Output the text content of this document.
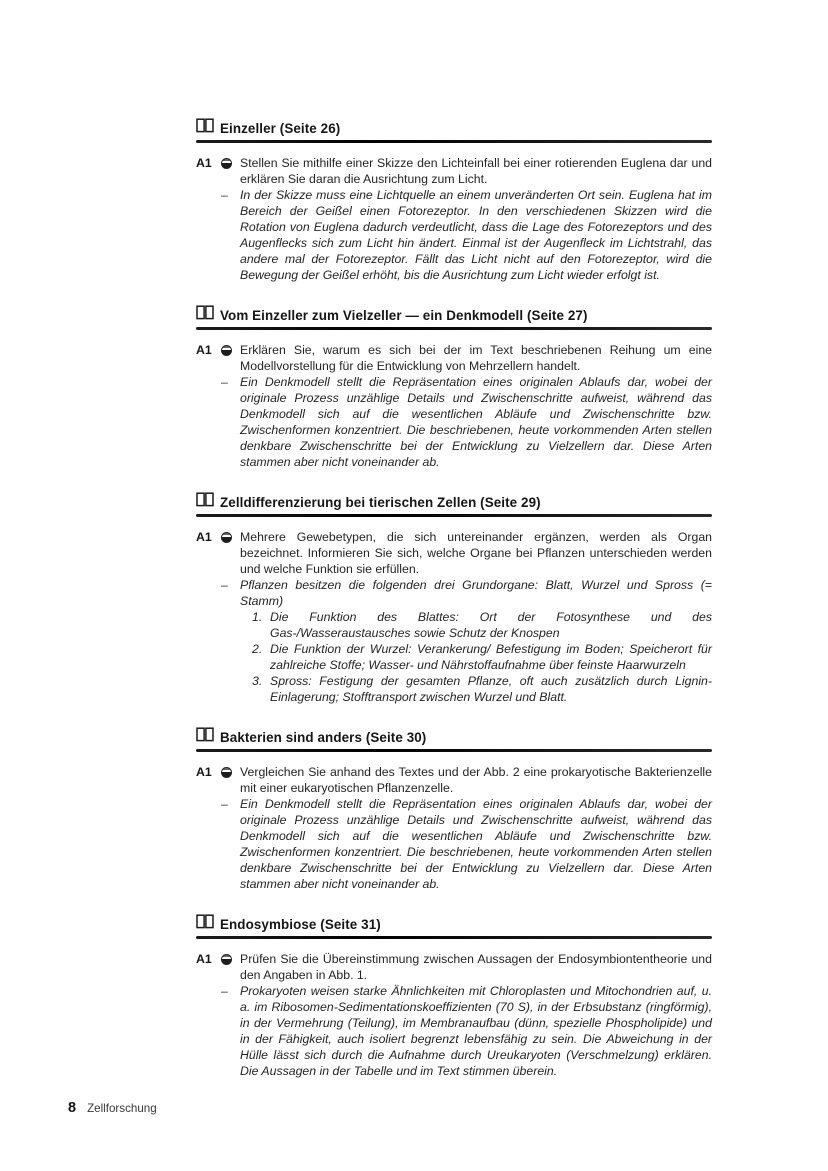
Einzeller (Seite 26)
A1	Stellen Sie mithilfe einer Skizze den Lichteinfall bei einer rotierenden Euglena dar und erklären Sie daran die Ausrichtung zum Licht.
– In der Skizze muss eine Lichtquelle an einem unveränderten Ort sein. Euglena hat im Bereich der Geißel einen Fotorezeptor. In den verschiedenen Skizzen wird die Rotation von Euglena dadurch verdeutlicht, dass die Lage des Fotorezeptors und des Augenflecks sich zum Licht hin ändert. Einmal ist der Augenfleck im Lichtstrahl, das andere mal der Fotorezeptor. Fällt das Licht nicht auf den Fotorezeptor, wird die Bewegung der Geißel erhöht, bis die Ausrichtung zum Licht wieder erfolgt ist.
Vom Einzeller zum Vielzeller — ein Denkmodell (Seite 27)
A1	Erklären Sie, warum es sich bei der im Text beschriebenen Reihung um eine Modellvorstellung für die Entwicklung von Mehrzellern handelt.
– Ein Denkmodell stellt die Repräsentation eines originalen Ablaufs dar, wobei der originale Prozess unzählige Details und Zwischenschritte aufweist, während das Denkmodell sich auf die wesentlichen Abläufe und Zwischenschritte bzw. Zwischenformen konzentriert. Die beschriebenen, heute vorkommenden Arten stellen denkbare Zwischenschritte bei der Entwicklung zu Vielzellern dar. Diese Arten stammen aber nicht voneinander ab.
Zelldifferenzierung bei tierischen Zellen (Seite 29)
A1	Mehrere Gewebetypen, die sich untereinander ergänzen, werden als Organ bezeichnet. Informieren Sie sich, welche Organe bei Pflanzen unterschieden werden und welche Funktion sie erfüllen.
– Pflanzen besitzen die folgenden drei Grundorgane: Blatt, Wurzel und Spross (= Stamm)
1. Die Funktion des Blattes: Ort der Fotosynthese und des Gas-/Wasseraustausches sowie Schutz der Knospen
2. Die Funktion der Wurzel: Verankerung/ Befestigung im Boden; Speicherort für zahlreiche Stoffe; Wasser- und Nährstoffaufnahme über feinste Haarwurzeln
3. Spross: Festigung der gesamten Pflanze, oft auch zusätzlich durch Lignin-Einlagerung; Stofftransport zwischen Wurzel und Blatt.
Bakterien sind anders (Seite 30)
A1	Vergleichen Sie anhand des Textes und der Abb. 2 eine prokaryotische Bakterienzelle mit einer eukaryotischen Pflanzenzelle.
– Ein Denkmodell stellt die Repräsentation eines originalen Ablaufs dar, wobei der originale Prozess unzählige Details und Zwischenschritte aufweist, während das Denkmodell sich auf die wesentlichen Abläufe und Zwischenschritte bzw. Zwischenformen konzentriert. Die beschriebenen, heute vorkommenden Arten stellen denkbare Zwischenschritte bei der Entwicklung zu Vielzellern dar. Diese Arten stammen aber nicht voneinander ab.
Endosymbiose (Seite 31)
A1	Prüfen Sie die Übereinstimmung zwischen Aussagen der Endosymbiontentheorie und den Angaben in Abb. 1.
– Prokaryoten weisen starke Ähnlichkeiten mit Chloroplasten und Mitochondrien auf, u. a. im Ribosomen-Sedimentationskoeffizienten (70 S), in der Erbsubstanz (ringförmig), in der Vermehrung (Teilung), im Membranaufbau (dünn, spezielle Phospholipide) und in der Fähigkeit, auch isoliert begrenzt lebensfähig zu sein. Die Abweichung in der Hülle lässt sich durch die Aufnahme durch Ureukaryoten (Verschmelzung) erklären. Die Aussagen in der Tabelle und im Text stimmen überein.
8 Zellforschung
